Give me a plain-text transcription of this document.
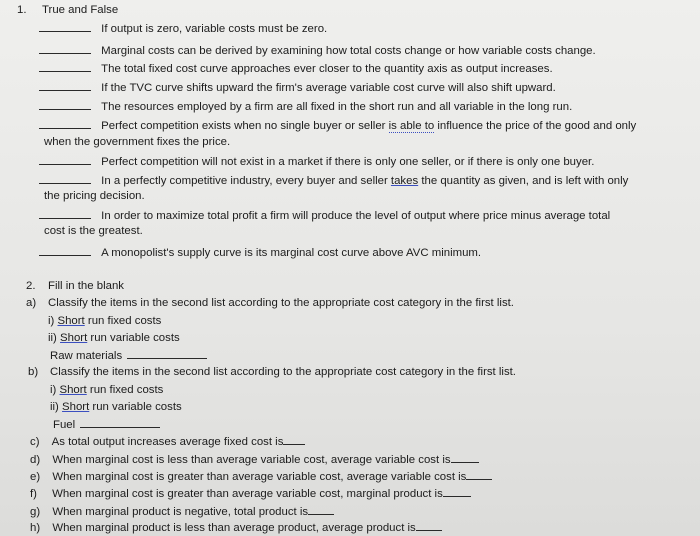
1. True and False
If output is zero, variable costs must be zero.
Marginal costs can be derived by examining how total costs change or how variable costs change.
The total fixed cost curve approaches ever closer to the quantity axis as output increases.
If the TVC curve shifts upward the firm's average variable cost curve will also shift upward.
The resources employed by a firm are all fixed in the short run and all variable in the long run.
Perfect competition exists when no single buyer or seller is able to influence the price of the good and only
when the government fixes the price.
Perfect competition will not exist in a market if there is only one seller, or if there is only one buyer.
In a perfectly competitive industry, every buyer and seller takes the quantity as given, and is left with only
the pricing decision.
In order to maximize total profit a firm will produce the level of output where price minus average total
cost is the greatest.
A monopolist's supply curve is its marginal cost curve above AVC minimum.
2. Fill in the blank
a) Classify the items in the second list according to the appropriate cost category in the first list.
i) Short run fixed costs
ii) Short run variable costs
Raw materials
b) Classify the items in the second list according to the appropriate cost category in the first list.
i) Short run fixed costs
ii) Short run variable costs
Fuel
c) As total output increases average fixed cost is
d) When marginal cost is less than average variable cost, average variable cost is
e) When marginal cost is greater than average variable cost, average variable cost is
f) When marginal cost is greater than average variable cost, marginal product is
g) When marginal product is negative, total product is
h) When marginal product is less than average product, average product is
